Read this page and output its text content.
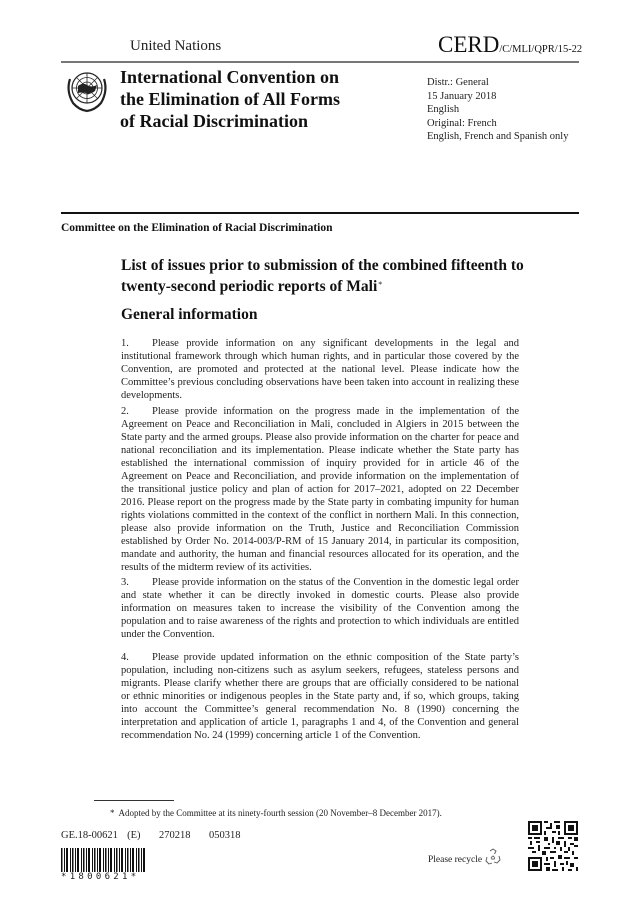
United Nations	CERD/C/MLI/QPR/15-22
International Convention on
the Elimination of All Forms
of Racial Discrimination
Distr.: General
15 January 2018
English
Original: French
English, French and Spanish only
Committee on the Elimination of Racial Discrimination
List of issues prior to submission of the combined fifteenth to
twenty-second periodic reports of Mali*
General information
1. Please provide information on any significant developments in the legal and institutional framework through which human rights, and in particular those covered by the Convention, are promoted and protected at the national level. Please indicate how the Committee’s previous concluding observations have been taken into account in realizing these developments.
2. Please provide information on the progress made in the implementation of the Agreement on Peace and Reconciliation in Mali, concluded in Algiers in 2015 between the State party and the armed groups. Please also provide information on the charter for peace and national reconciliation and its implementation. Please indicate whether the State party has established the international commission of inquiry provided for in article 46 of the Agreement on Peace and Reconciliation, and provide information on the implementation of the transitional justice policy and plan of action for 2017–2021, adopted on 22 December 2016. Please report on the progress made by the State party in combating impunity for human rights violations committed in the context of the conflict in northern Mali. In this connection, please also provide information on the Truth, Justice and Reconciliation Commission established by Order No. 2014-003/P-RM of 15 January 2014, in particular its composition, mandate and authority, the human and financial resources allocated for its operation, and the results of the midterm review of its activities.
3. Please provide information on the status of the Convention in the domestic legal order and state whether it can be directly invoked in domestic courts. Please also provide information on measures taken to increase the visibility of the Convention among the population and to raise awareness of the rights and protection to which individuals are entitled under the Convention.
4. Please provide updated information on the ethnic composition of the State party’s population, including non-citizens such as asylum seekers, refugees, stateless persons and migrants. Please clarify whether there are groups that are officially considered to be national or ethnic minorities or indigenous peoples in the State party and, if so, which groups, taking into account the Committee’s general recommendation No. 8 (1990) concerning the interpretation and application of article 1, paragraphs 1 and 4, of the Convention and general recommendation No. 24 (1999) concerning article 1 of the Convention.
* Adopted by the Committee at its ninety-fourth session (20 November–8 December 2017).
GE.18-00621  (E)    270218    050318
*1800621*
Please recycle ♻
